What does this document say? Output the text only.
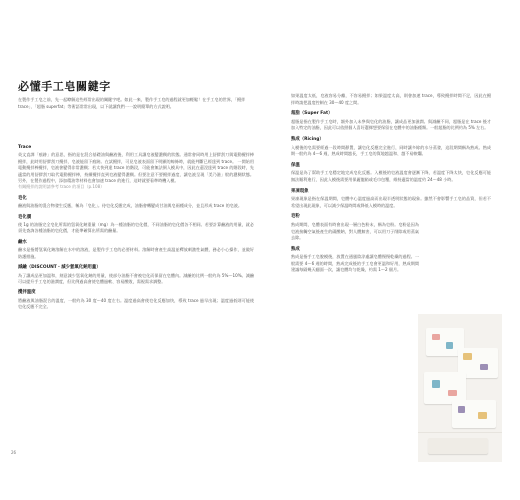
必懂手工皂關鍵字
在製作手工皂之前，先一起瞭解這些經常出現的關鍵字吧。如此一來，製作手工皂的過程就更加輕鬆！在手工皂的世界，「攪拌 trace」、「超脂 superfat」等術語常常出現，以下就讓我們一一說明簡單的方式說明。
Trace

英文直譯「痕跡」的意思，指的是在混合基礎油與鹼液後，利用工具讓皂液變濃稠的狀態。通常會同時用上舒膠刮刀與電動攪拌棒攪拌，此時用舒膠刮刀攪拌，皂液能留下痕跡。在試攪拌，可見皂液表面留下明顯的線條時，就能判斷已經達到 trace。 一開始用電動攪拌棒攪拌，皂液會變得非常濃稠；若太快到達 trace 的階段，可能會無法倒入模具中，因此在還沒達到 trace 的階段時，先適當的用舒膠刮刀取代電動攪拌棒，持續攪拌直到皂液變得濃稠。但要注意不要攪拌過度，讓皂液呈現「美乃滋」般的濃稠狀態。另外，在製作過程中，添加精油等材料也會加速 trace 的進行，這時就要看準時機入模。

有關攪拌的說明請參考 trace 的項目（p.108）

皂化

鹼液與油脂的混合物發生反應，稱為「皂化」。待皂化反應完成，油脂會轉變成甘油與皂兩種成分，並且形成 trace 的皂液。

皂化價

使 1g 的油脂完全皂化所需的氫氧化鈉重量（mg）為一種油脂的皂化價，不同油脂的皂化價各不相同。若要計算鹼液的用量，就必須先查詢各種油脂的皂化價，才能準確算出所需的鹼量。

鹼水

鹼水是指將氫氧化鈉溶解在水中的溶液，是製作手工皂的必要材料。溶解時會產生高溫並釋放刺激性氣體，務必小心操作，並做好防護措施。

減鹼（DISCOUNT・減少氫氧化鈉用量）

為了讓成品更加溫和，刻意減少氫氧化鈉的用量，使部分油脂不會被皂化而保留在皂體內。減鹼的比例一般約為 5%～10%。減鹼可以提升手工皂的滋潤度，但比例過高會使皂體過軟、容易酸敗，需視需求調整。

攪拌溫度

將鹼液與油脂混合的溫度，一般約為 30 度～40 度左右。溫度過高會使皂化反應加快，導致 trace 過早出現；溫度過低則可能使皂化反應不完全。

如果溫度太低，皂液容易分離，不容易攪拌；如果溫度太高，則會加速 trace，導致攪拌時間不足，因此在攪拌時請把溫度控制在 30～40 度之間。

超脂（Super Fat）

超脂是指在製作手工皂時，額外加入未參與皂化的油脂，讓成品更加滋潤。與減鹼不同，超脂是在 trace 後才加入特定的油脂，因此可以依照個人喜好選擇想要保留在皂體中的油脂種類。一般超脂的比例約為 5% 左右。

熟成（Ricing）

入模後的皂需要經過一段時間靜置，讓皂化反應完全進行，同時讓多餘的水分蒸發，這段期間稱為熟成。熟成期一般約為 4～6 週，熟成時間越長，手工皂的質地越溫和、越不易軟爛。

保溫

保溫是為了幫助手工皂穩定地完成皂化反應。入模後的皂液溫度會逐漸下降，若溫度下降太快，皂化反應可能無法順利進行，因此入模後需要用保麗龍箱或毛巾包覆，維持適當的溫度約 24～48 小時。

果凍現象

果凍現象是指在保溫期間，皂體中心溫度過高而出現半透明狀態的現象。雖然不會影響手工皂的品質，但若不希望出現此現象，可以減少保溫時間或降低入模時的溫度。

皂粉

熟成期間，皂體表面有時會出現一層白色粉末，稱為皂粉。皂粉是因為皂液接觸空氣後產生的碳酸鈉，對人體無害，可以用刀子削除或用蒸氣去除。

熟成

熟成是指手工皂脫模後，放置在通風陰涼處讓皂體慢慢乾燥的過程。一般需要 4～6 週的時間，熟成完成後的手工皂會更溫和好用，熟成期間建議每隔幾天翻面一次，讓皂體均勻乾燥，約需 1～2 個月。

26
